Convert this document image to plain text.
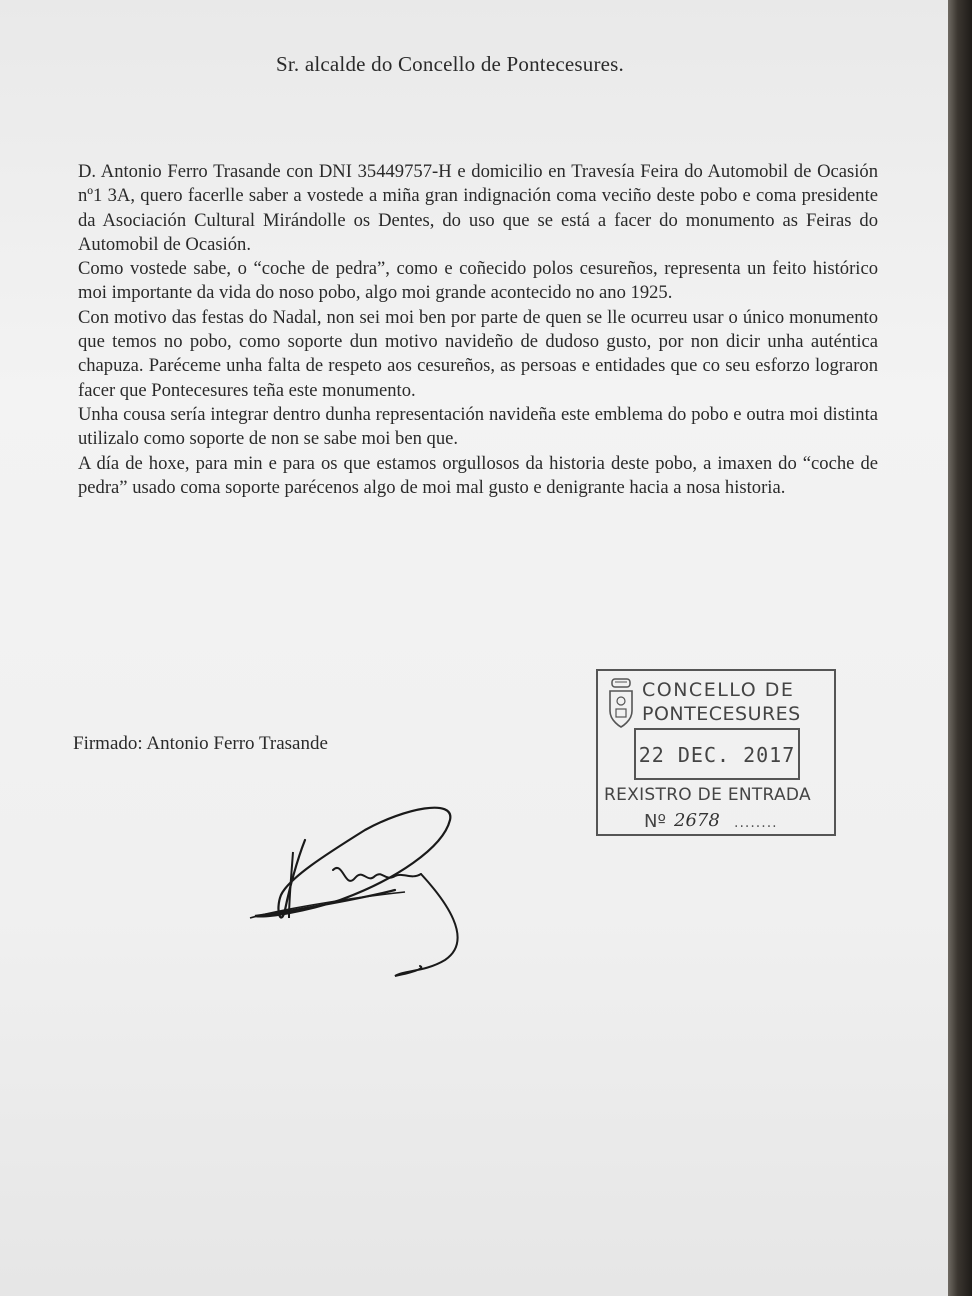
Sr. alcalde do Concello de Pontecesures.

D. Antonio Ferro Trasande con DNI 35449757-H e domicilio en Travesía Feira do Automobil de Ocasión nº1 3A, quero facerlle saber a vostede a miña gran indignación coma veciño deste pobo e coma presidente da Asociación Cultural Mirándolle os Dentes, do uso que se está a facer do monumento as Feiras do Automobil de Ocasión.

Como vostede sabe, o “coche de pedra”, como e coñecido polos cesureños, representa un feito histórico moi importante da vida do noso pobo, algo moi grande acontecido no ano 1925.

Con motivo das festas do Nadal, non sei moi ben por parte de quen se lle ocurreu usar o único monumento que temos no pobo, como soporte dun motivo navideño de dudoso gusto, por non dicir unha auténtica chapuza. Paréceme unha falta de respeto aos cesureños, as persoas e entidades que co seu esforzo lograron facer que Pontecesures teña este monumento.

Unha cousa sería integrar dentro dunha representación navideña este emblema do pobo e outra moi distinta utilizalo como soporte de non se sabe moi ben que.

A día de hoxe, para min e para os que estamos orgullosos da historia deste pobo, a imaxen do “coche de pedra” usado coma soporte parécenos algo de moi mal gusto e denigrante hacia a nosa historia.

Firmado: Antonio Ferro Trasande
CONCELLO DE
PONTECESURES
22 DEC. 2017
REXISTRO DE ENTRADA
Nº 2678 ........
